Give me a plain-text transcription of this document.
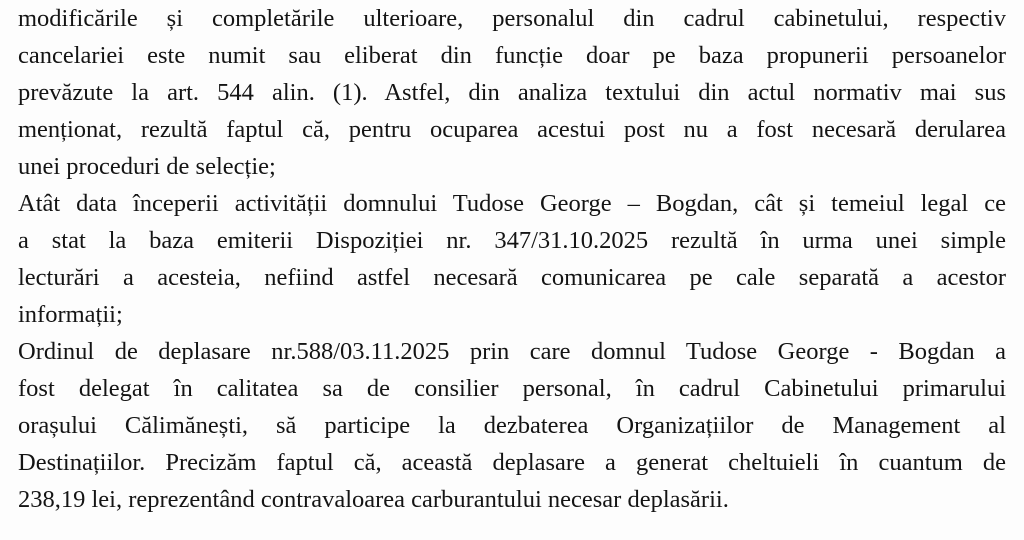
modificările și completările ulterioare, personalul din cadrul cabinetului, respectiv
cancelariei este numit sau eliberat din funcție doar pe baza propunerii persoanelor
prevăzute la art. 544 alin. (1). Astfel, din analiza textului din actul normativ mai sus
menționat, rezultă faptul că, pentru ocuparea acestui post nu a fost necesară derularea
unei proceduri de selecție;
Atât data începerii activității domnului Tudose George – Bogdan, cât și temeiul legal ce
a stat la baza emiterii Dispoziției nr. 347/31.10.2025 rezultă în urma unei simple
lecturări a acesteia, nefiind astfel necesară comunicarea pe cale separată a acestor
informații;
Ordinul de deplasare nr.588/03.11.2025 prin care domnul Tudose George - Bogdan a
fost delegat în calitatea sa de consilier personal, în cadrul Cabinetului primarului
orașului Călimănești, să participe la dezbaterea Organizațiilor de Management al
Destinațiilor. Precizăm faptul că, această deplasare a generat cheltuieli în cuantum de
238,19 lei, reprezentând contravaloarea carburantului necesar deplasării.
